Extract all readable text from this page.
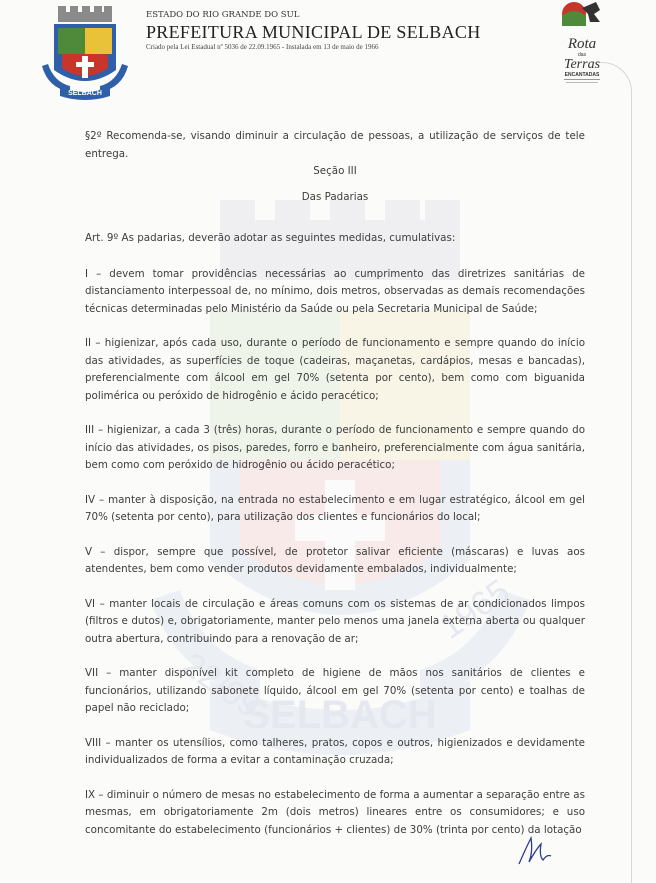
22/09
1965
SELBACH
SELBACH
ESTADO DO RIO GRANDE DO SUL
PREFEITURA MUNICIPAL DE SELBACH
Criado pela Lei Estadual nº 5036 de 22.09.1965 - Instalada em 13 de maio de 1966	Rota
das
Terras
ENCANTADAS

§2º Recomenda-se, visando diminuir a circulação de pessoas, a utilização de serviços de tele entrega.

Seção III

Das Padarias

Art. 9º As padarias, deverão adotar as seguintes medidas, cumulativas:

I – devem tomar providências necessárias ao cumprimento das diretrizes sanitárias de distanciamento interpessoal de, no mínimo, dois metros, observadas as demais recomendações técnicas determinadas pelo Ministério da Saúde ou pela Secretaria Municipal de Saúde;

II – higienizar, após cada uso, durante o período de funcionamento e sempre quando do início das atividades, as superfícies de toque (cadeiras, maçanetas, cardápios, mesas e bancadas), preferencialmente com álcool em gel 70% (setenta por cento), bem como com biguanida polimérica ou peróxido de hidrogênio e ácido peracético;

III – higienizar, a cada 3 (três) horas, durante o período de funcionamento e sempre quando do início das atividades, os pisos, paredes, forro e banheiro, preferencialmente com água sanitária, bem como com peróxido de hidrogênio ou ácido peracético;

IV – manter à disposição, na entrada no estabelecimento e em lugar estratégico, álcool em gel 70% (setenta por cento), para utilização dos clientes e funcionários do local;

V – dispor, sempre que possível, de protetor salivar eficiente (máscaras) e luvas aos atendentes, bem como vender produtos devidamente embalados, individualmente;

VI – manter locais de circulação e áreas comuns com os sistemas de ar condicionados limpos (filtros e dutos) e, obrigatoriamente, manter pelo menos uma janela externa aberta ou qualquer outra abertura, contribuindo para a renovação de ar;

VII – manter disponível kit completo de higiene de mãos nos sanitários de clientes e funcionários, utilizando sabonete líquido, álcool em gel 70% (setenta por cento) e toalhas de papel não reciclado;

VIII – manter os utensílios, como talheres, pratos, copos e outros, higienizados e devidamente individualizados de forma a evitar a contaminação cruzada;

IX – diminuir o número de mesas no estabelecimento de forma a aumentar a separação entre as mesmas, em obrigatoriamente 2m (dois metros) lineares entre os consumidores; e uso concomitante do estabelecimento (funcionários + clientes) de 30% (trinta por cento) da lotação
